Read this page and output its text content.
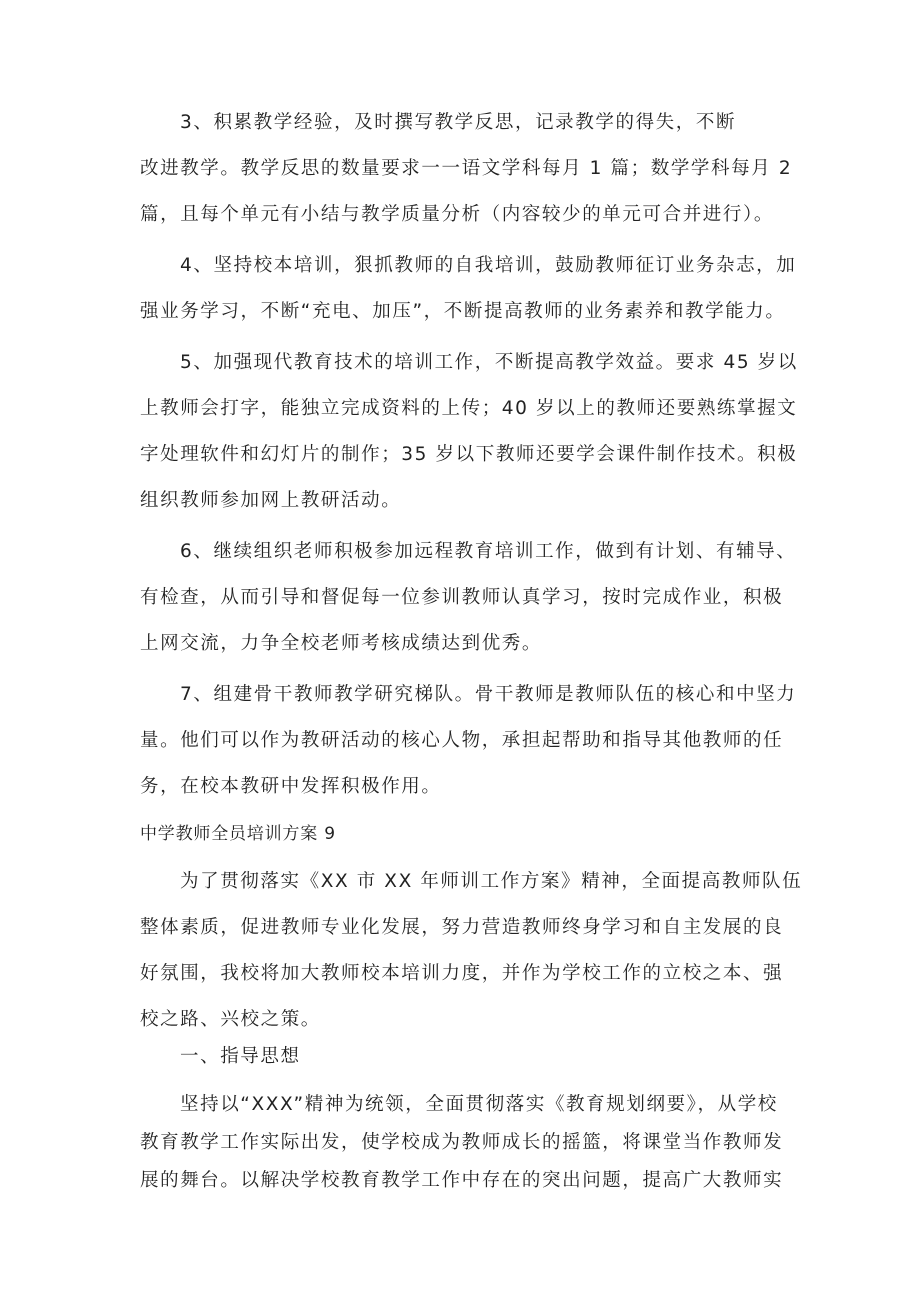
3、积累教学经验，及时撰写教学反思，记录教学的得失，不断
改进教学。教学反思的数量要求一一语文学科每月 1 篇；数学学科每月 2
篇，且每个单元有小结与教学质量分析（内容较少的单元可合并进行）。
4、坚持校本培训，狠抓教师的自我培训，鼓励教师征订业务杂志，加
强业务学习，不断“充电、加压”，不断提高教师的业务素养和教学能力。
5、加强现代教育技术的培训工作，不断提高教学效益。要求 45 岁以
上教师会打字，能独立完成资料的上传；40 岁以上的教师还要熟练掌握文
字处理软件和幻灯片的制作；35 岁以下教师还要学会课件制作技术。积极
组织教师参加网上教研活动。
6、继续组织老师积极参加远程教育培训工作，做到有计划、有辅导、
有检查，从而引导和督促每一位参训教师认真学习，按时完成作业，积极
上网交流，力争全校老师考核成绩达到优秀。
7、组建骨干教师教学研究梯队。骨干教师是教师队伍的核心和中坚力
量。他们可以作为教研活动的核心人物，承担起帮助和指导其他教师的任
务，在校本教研中发挥积极作用。
中学教师全员培训方案 9
为了贯彻落实《XX 市 XX 年师训工作方案》精神，全面提高教师队伍
整体素质，促进教师专业化发展，努力营造教师终身学习和自主发展的良
好氛围，我校将加大教师校本培训力度，并作为学校工作的立校之本、强
校之路、兴校之策。
一、指导思想
坚持以“XXX”精神为统领，全面贯彻落实《教育规划纲要》，从学校
教育教学工作实际出发，使学校成为教师成长的摇篮，将课堂当作教师发
展的舞台。以解决学校教育教学工作中存在的突出问题，提高广大教师实
